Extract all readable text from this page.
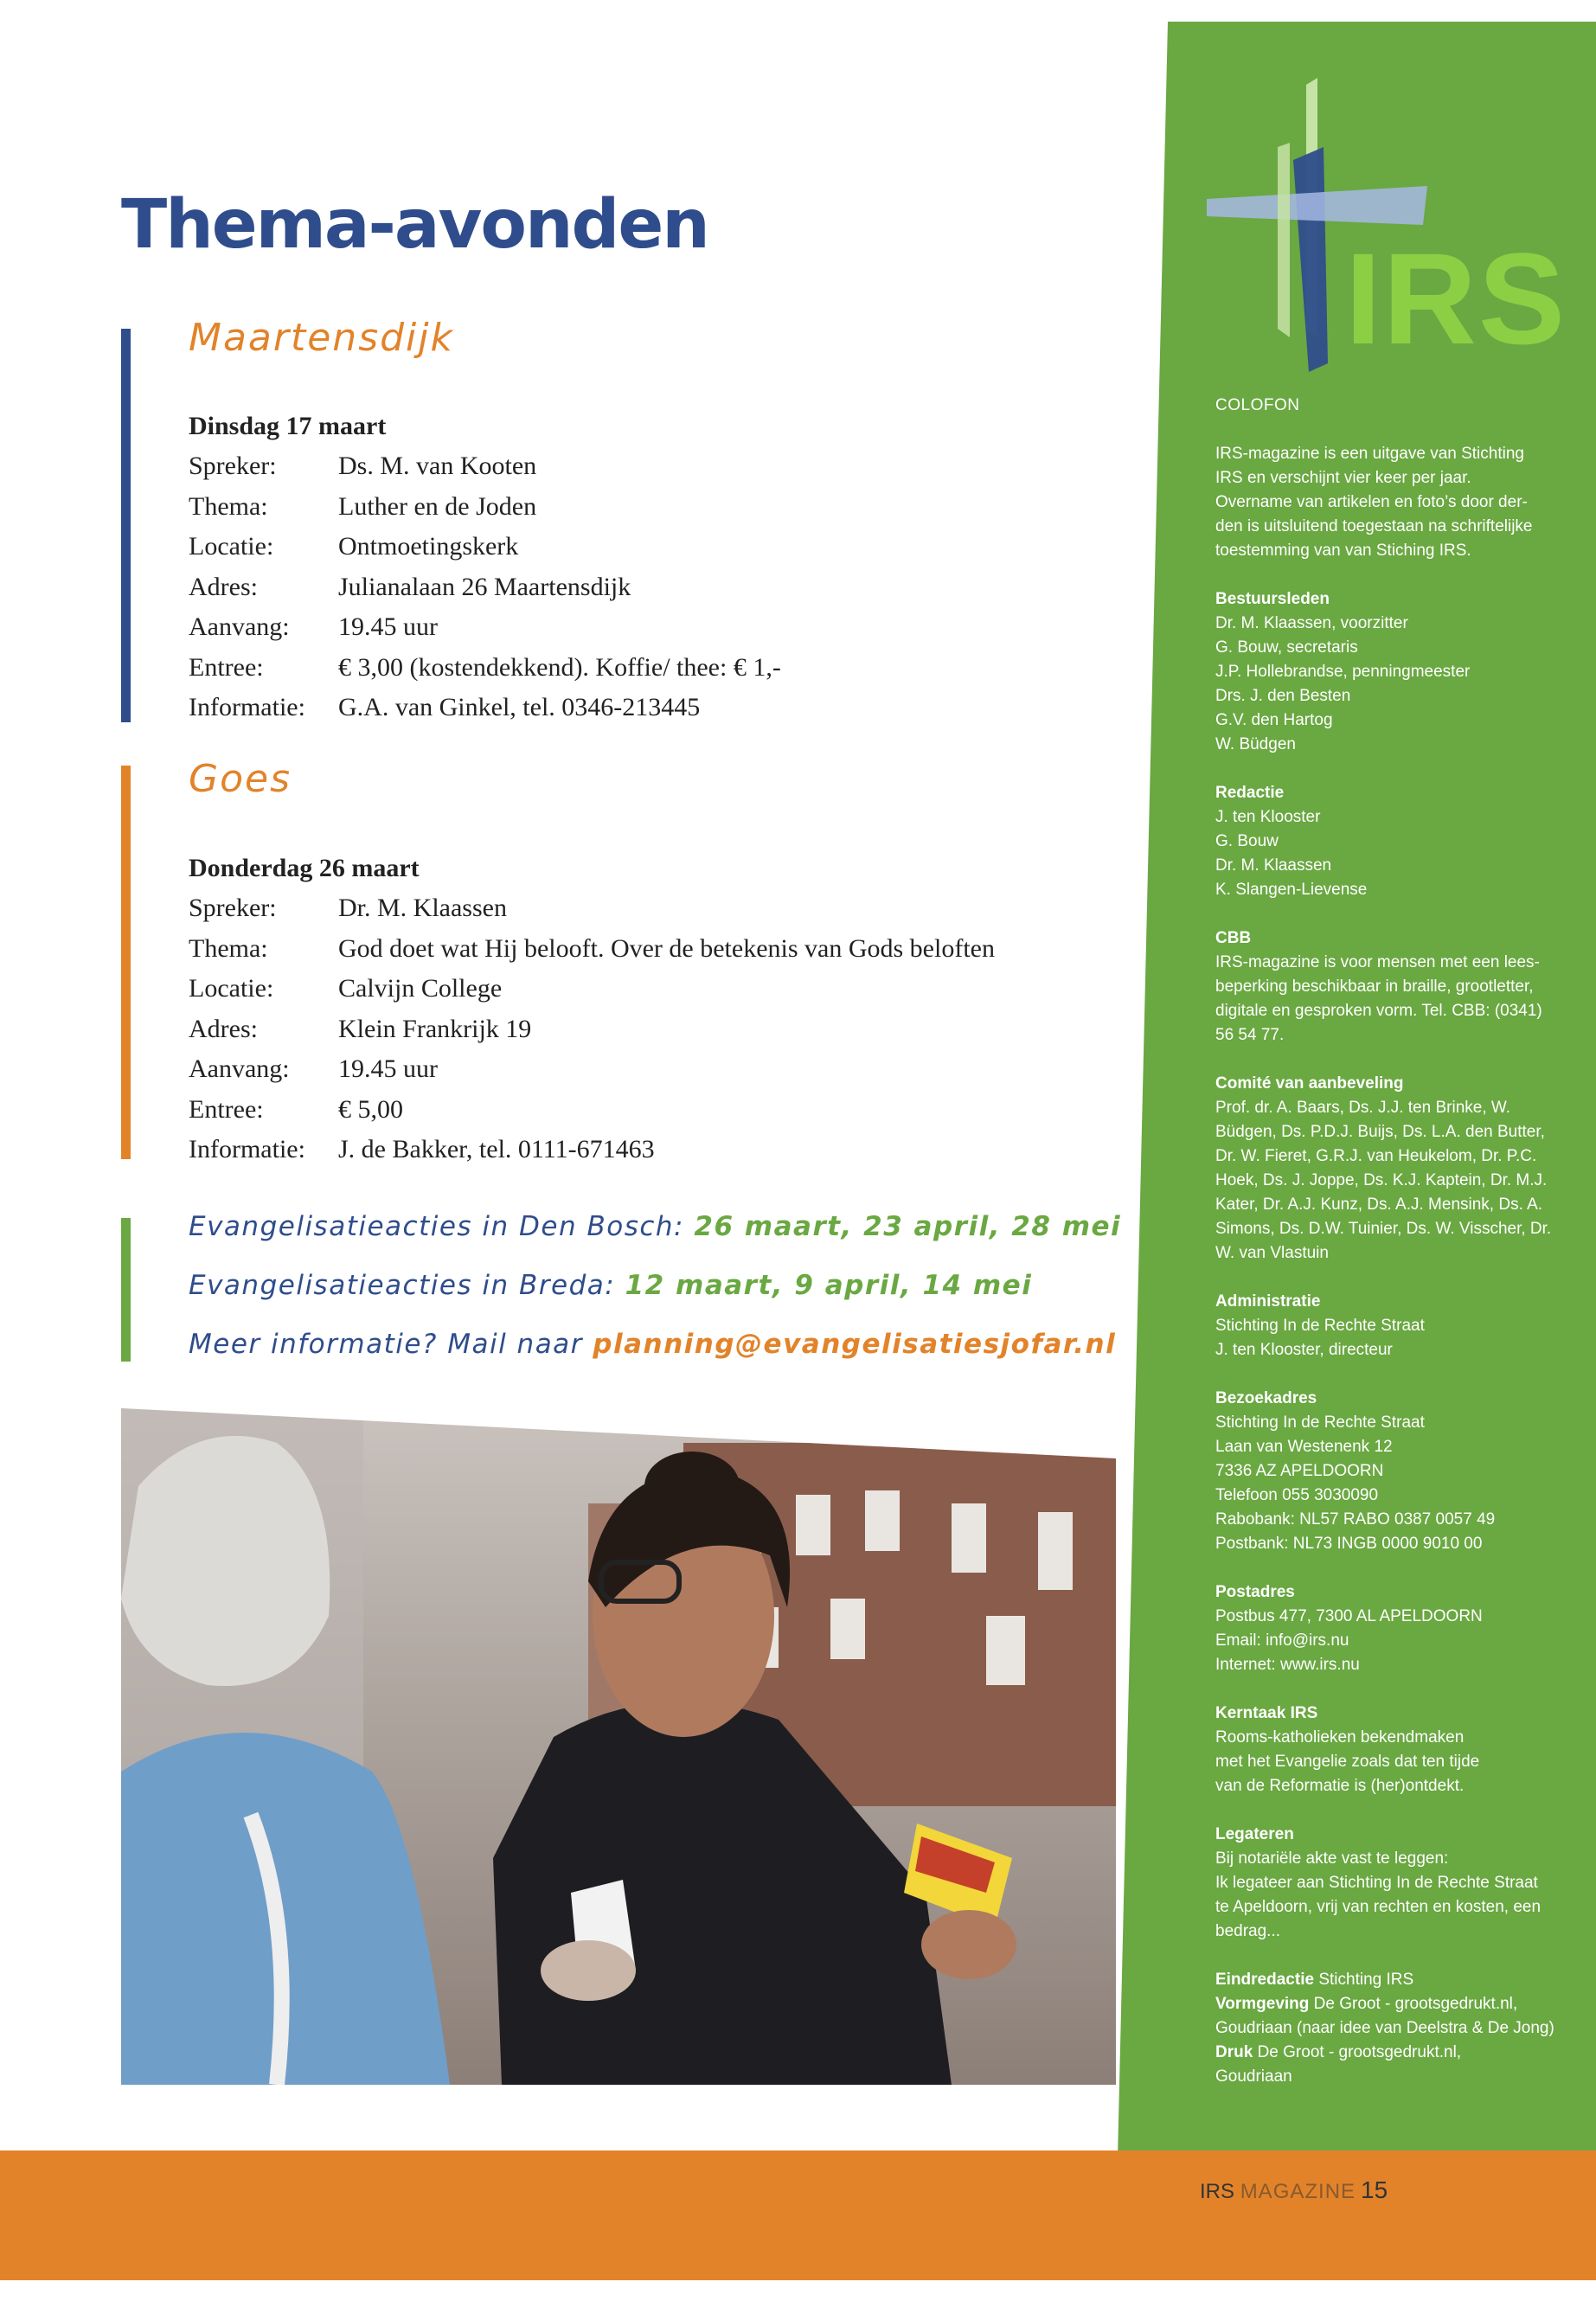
IRS
Thema-avonden
Maartensdijk
Dinsdag 17 maart
Spreker:	Ds. M. van Kooten
Thema:	Luther en de Joden
Locatie:	Ontmoetingskerk
Adres:	Julianalaan 26 Maartensdijk
Aanvang:	19.45 uur
Entree:	€ 3,00 (kostendekkend). Koffie/ thee: € 1,-
Informatie:	G.A. van Ginkel, tel. 0346-213445
Goes
Donderdag 26 maart
Spreker:	Dr. M. Klaassen
Thema:	God doet wat Hij belooft. Over de betekenis van Gods beloften
Locatie:	Calvijn College
Adres:	Klein Frankrijk 19
Aanvang:	19.45 uur
Entree:	€ 5,00
Informatie:	J. de Bakker, tel. 0111-671463
Evangelisatieacties in Den Bosch: 26 maart, 23 april, 28 mei
Evangelisatieacties in Breda: 12 maart, 9 april, 14 mei
Meer informatie? Mail naar planning@evangelisatiesjofar.nl
COLOFON
IRS-magazine is een uitgave van Stichting
IRS en verschijnt vier keer per jaar.
Overname van artikelen en foto’s door der-
den is uitsluitend toegestaan na schriftelijke
toestemming van van Stiching IRS.
Bestuursleden
Dr. M. Klaassen, voorzitter
G. Bouw, secretaris
J.P. Hollebrandse, penningmeester
Drs. J. den Besten
G.V. den Hartog
W. Büdgen
Redactie
J. ten Klooster
G. Bouw
Dr. M. Klaassen
K. Slangen-Lievense
CBB
IRS-magazine is voor mensen met een lees-
beperking beschikbaar in braille, grootletter,
digitale en gesproken vorm. Tel. CBB: (0341)
56 54 77.
Comité van aanbeveling
Prof. dr. A. Baars, Ds. J.J. ten Brinke, W.
Büdgen, Ds. P.D.J. Buijs, Ds. L.A. den Butter,
Dr. W. Fieret, G.R.J. van Heukelom, Dr. P.C.
Hoek, Ds. J. Joppe, Ds. K.J. Kaptein, Dr. M.J.
Kater, Dr. A.J. Kunz, Ds. A.J. Mensink, Ds. A.
Simons, Ds. D.W. Tuinier, Ds. W. Visscher, Dr.
W. van Vlastuin
Administratie
Stichting In de Rechte Straat
J. ten Klooster, directeur
Bezoekadres
Stichting In de Rechte Straat
Laan van Westenenk 12
7336 AZ APELDOORN
Telefoon 055 3030090
Rabobank: NL57 RABO 0387 0057 49
Postbank: NL73 INGB 0000 9010 00
Postadres
Postbus 477, 7300 AL APELDOORN
Email: info@irs.nu
Internet: www.irs.nu
Kerntaak IRS
Rooms-katholieken bekendmaken
met het Evangelie zoals dat ten tijde
van de Reformatie is (her)ontdekt.
Legateren
Bij notariële akte vast te leggen:
Ik legateer aan Stichting In de Rechte Straat
te Apeldoorn, vrij van rechten en kosten, een
bedrag...
Eindredactie Stichting IRS
Vormgeving De Groot - grootsgedrukt.nl,
Goudriaan (naar idee van Deelstra & De Jong)
Druk De Groot - grootsgedrukt.nl,
Goudriaan
IRS MAGAZINE 15
